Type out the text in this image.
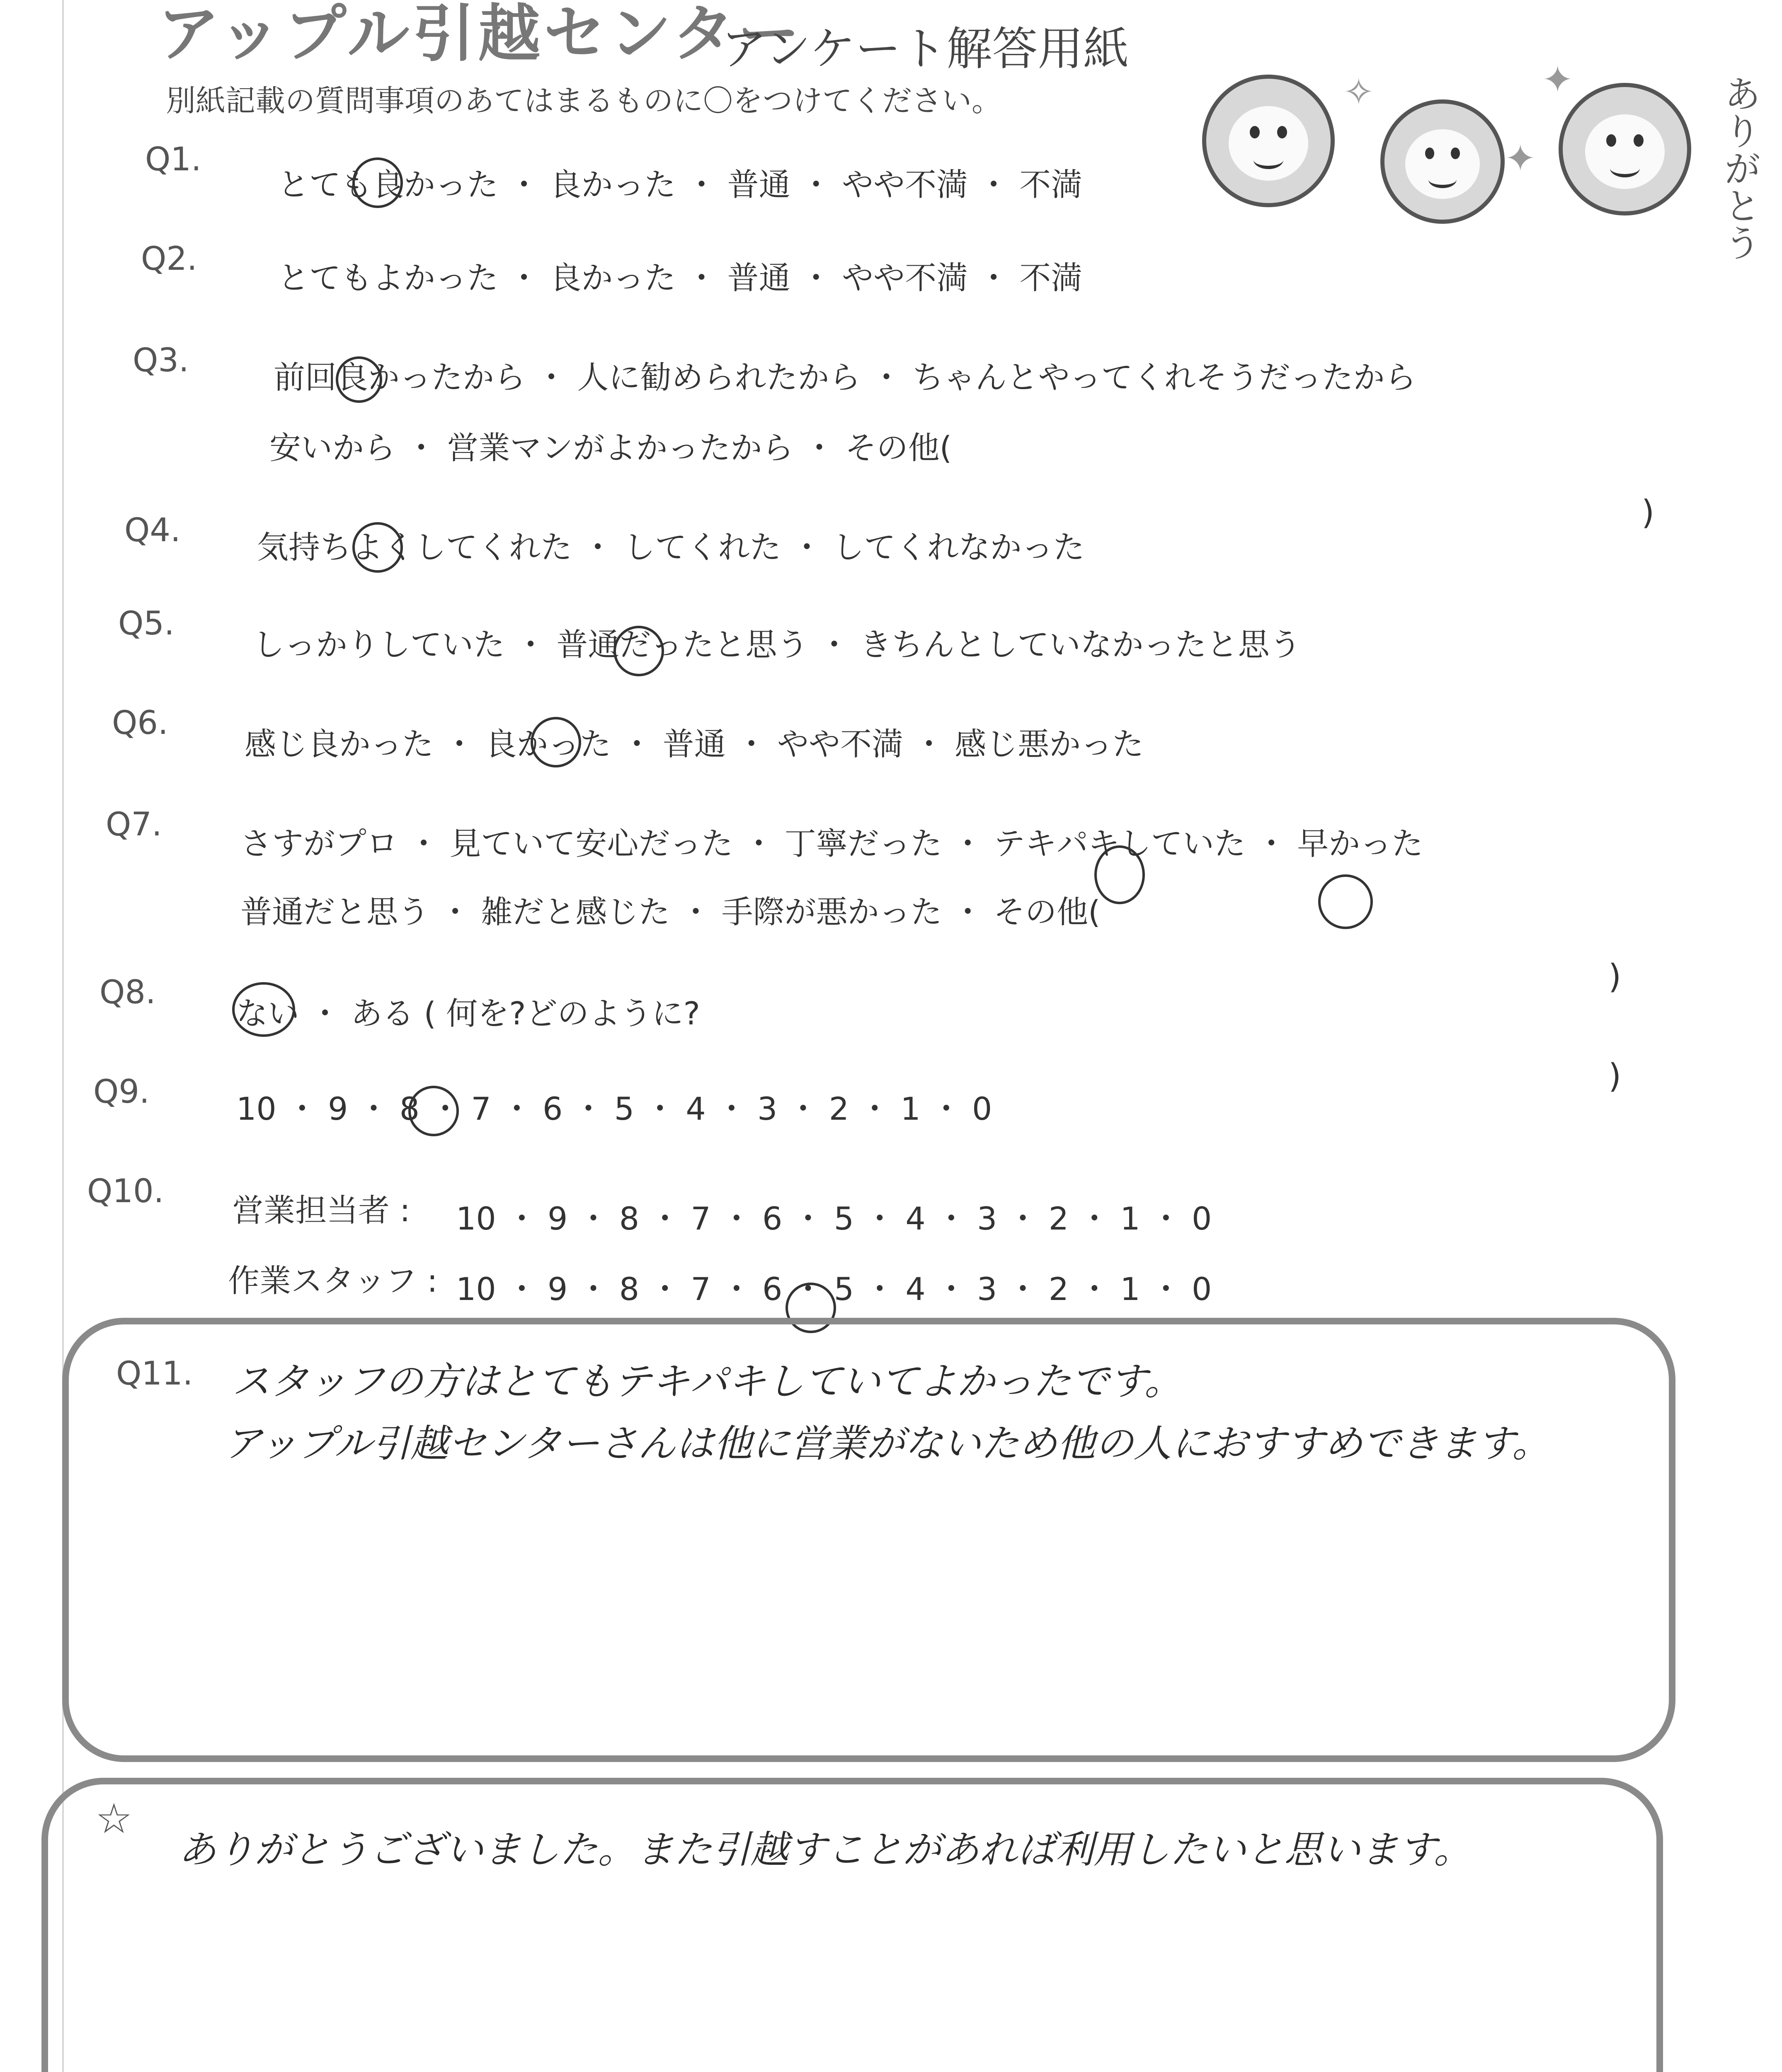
アップル引越センター
アンケート解答用紙
別紙記載の質問事項のあてはまるものに〇をつけてください。	✦
✦
✧	ありがとう
Q1.
とても良かった ・ 良かった ・ 普通 ・ やや不満 ・ 不満
Q2.
とてもよかった ・ 良かった ・ 普通 ・ やや不満 ・ 不満
Q3.	前回良かったから ・ 人に勧められたから ・ ちゃんとやってくれそうだったから
安いから ・ 営業マンがよかったから ・ その他(
)
Q4. 気持ちよくしてくれた ・ してくれた ・ してくれなかった
Q5.
しっかりしていた ・ 普通だったと思う ・ きちんとしていなかったと思う
Q6.
感じ良かった ・ 良かった ・ 普通 ・ やや不満 ・ 感じ悪かった
Q7.
さすがプロ ・ 見ていて安心だった ・ 丁寧だった ・ テキパキしていた ・ 早かった
普通だと思う ・ 雑だと感じた ・ 手際が悪かった ・ その他(
)
Q8.
ない ・ ある ( 何を?どのように?
)
Q9.	10 ・ 9 ・ 8 ・ 7 ・ 6 ・ 5 ・ 4 ・ 3 ・ 2 ・ 1 ・ 0
Q10.
営業担当者 : 10 ・ 9 ・ 8 ・ 7 ・ 6 ・ 5 ・ 4 ・ 3 ・ 2 ・ 1 ・ 0
作業スタッフ : 10 ・ 9 ・ 8 ・ 7 ・ 6 ・ 5 ・ 4 ・ 3 ・ 2 ・ 1 ・ 0
Q11. スタッフの方はとてもテキパキしていてよかったです。
アップル引越センターさんは他に営業がないため他の人におすすめできます。
☆
ありがとうございました。また引越すことがあれば利用したいと思います。
